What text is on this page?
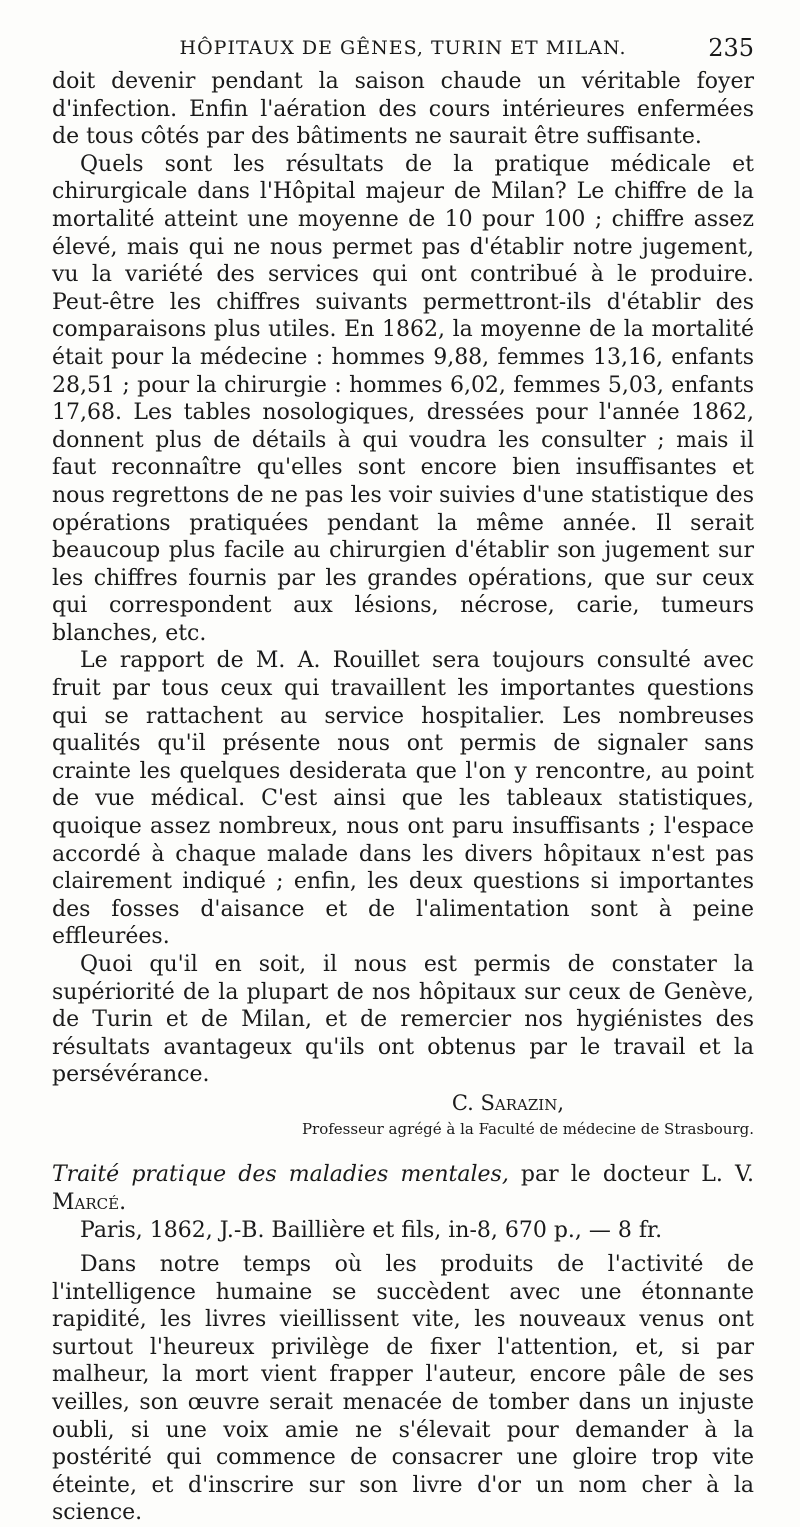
HÔPITAUX DE GÊNES, TURIN ET MILAN.	235

doit devenir pendant la saison chaude un véritable foyer d'infection. Enfin l'aération des cours intérieures enfermées de tous côtés par des bâtiments ne saurait être suffisante.

Quels sont les résultats de la pratique médicale et chirurgicale dans l'Hôpital majeur de Milan? Le chiffre de la mortalité atteint une moyenne de 10 pour 100 ; chiffre assez élevé, mais qui ne nous permet pas d'établir notre jugement, vu la variété des services qui ont contribué à le produire. Peut-être les chiffres suivants permettront-ils d'établir des comparaisons plus utiles. En 1862, la moyenne de la mortalité était pour la médecine : hommes 9,88, femmes 13,16, enfants 28,51 ; pour la chirurgie : hommes 6,02, femmes 5,03, enfants 17,68. Les tables nosologiques, dressées pour l'année 1862, donnent plus de détails à qui voudra les consulter ; mais il faut reconnaître qu'elles sont encore bien insuffisantes et nous regrettons de ne pas les voir suivies d'une statistique des opérations pratiquées pendant la même année. Il serait beaucoup plus facile au chirurgien d'établir son jugement sur les chiffres fournis par les grandes opérations, que sur ceux qui correspondent aux lésions, nécrose, carie, tumeurs blanches, etc.

Le rapport de M. A. Rouillet sera toujours consulté avec fruit par tous ceux qui travaillent les importantes questions qui se rattachent au service hospitalier. Les nombreuses qualités qu'il présente nous ont permis de signaler sans crainte les quelques desiderata que l'on y rencontre, au point de vue médical. C'est ainsi que les tableaux statistiques, quoique assez nombreux, nous ont paru insuffisants ; l'espace accordé à chaque malade dans les divers hôpitaux n'est pas clairement indiqué ; enfin, les deux questions si importantes des fosses d'aisance et de l'alimentation sont à peine effleurées.

Quoi qu'il en soit, il nous est permis de constater la supériorité de la plupart de nos hôpitaux sur ceux de Genève, de Turin et de Milan, et de remercier nos hygiénistes des résultats avantageux qu'ils ont obtenus par le travail et la persévérance.

C. Sarazin,

Professeur agrégé à la Faculté de médecine de Strasbourg.

Traité pratique des maladies mentales, par le docteur L. V. Marcé.
Paris, 1862, J.-B. Baillière et fils, in-8, 670 p., — 8 fr.

Dans notre temps où les produits de l'activité de l'intelligence humaine se succèdent avec une étonnante rapidité, les livres vieillissent vite, les nouveaux venus ont surtout l'heureux privilège de fixer l'attention, et, si par malheur, la mort vient frapper l'auteur, encore pâle de ses veilles, son œuvre serait menacée de tomber dans un injuste oubli, si une voix amie ne s'élevait pour demander à la postérité qui commence de consacrer une gloire trop vite éteinte, et d'inscrire sur son livre d'or un nom cher à la science.
